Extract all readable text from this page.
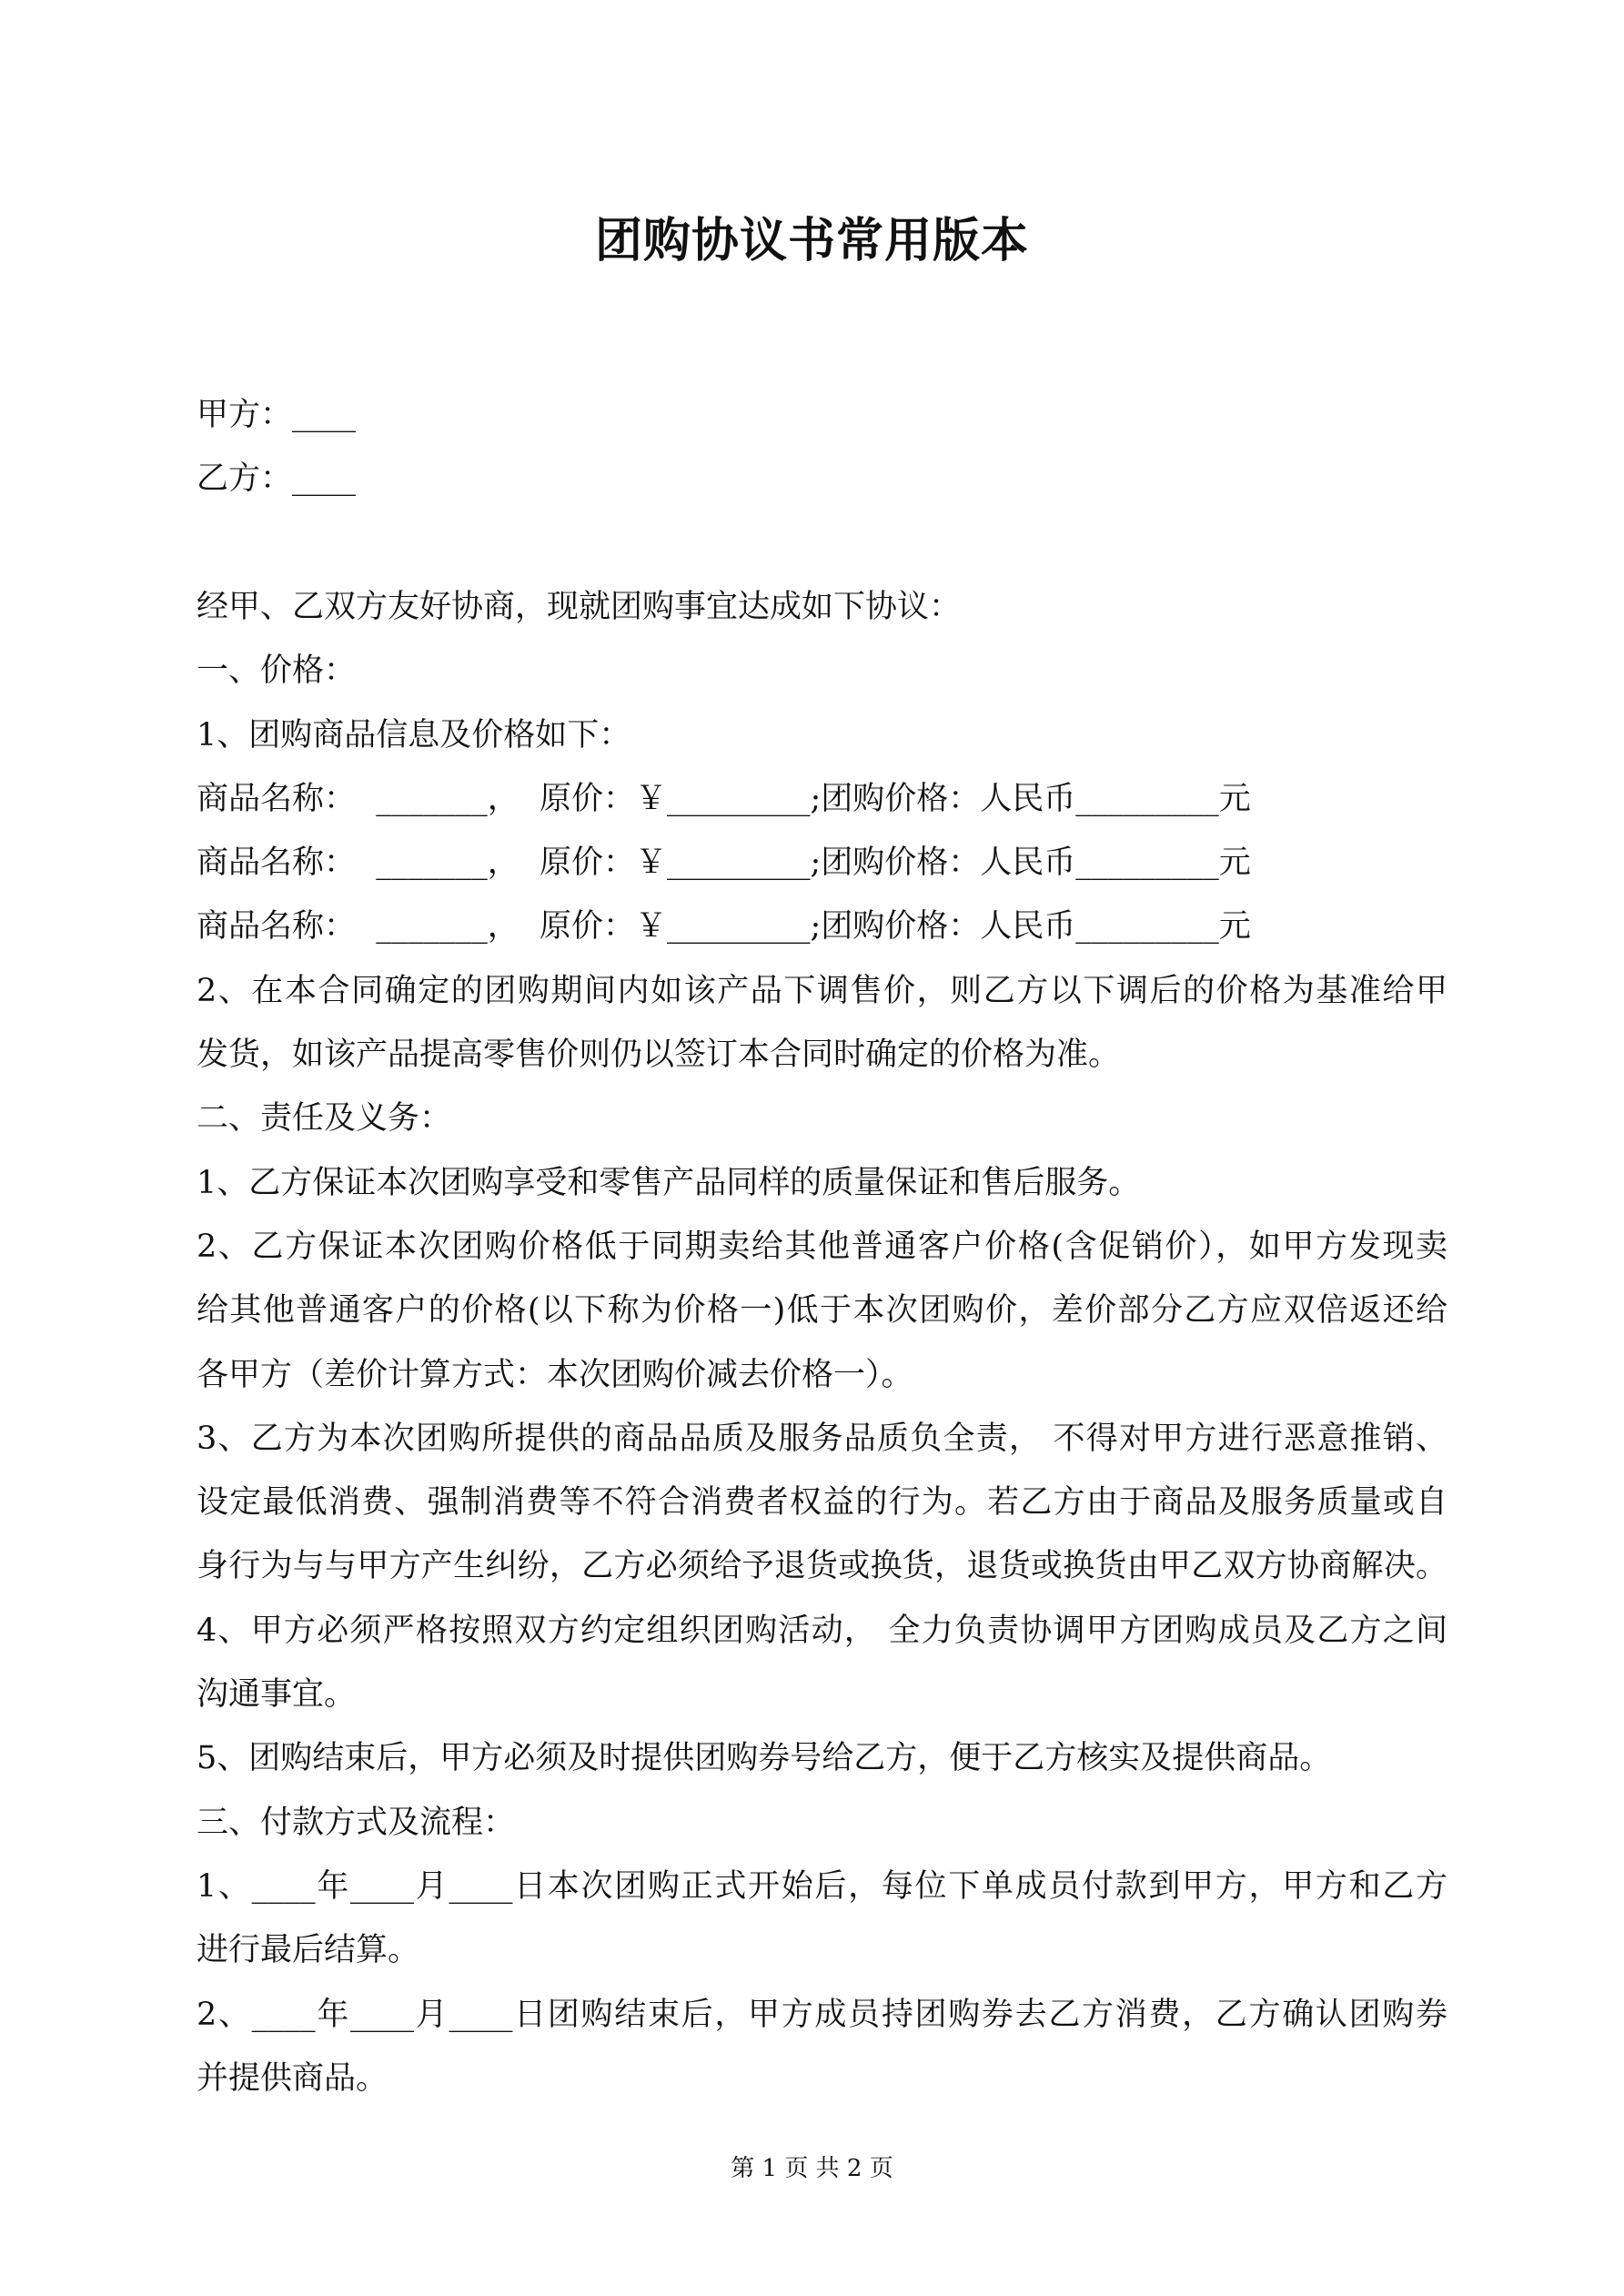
团购协议书常用版本
甲方：____
乙方：____
经甲、乙双方友好协商，现就团购事宜达成如下协议：
一、价格：
1、团购商品信息及价格如下：
商品名称：  _______，  原价：￥_________;团购价格：人民币_________元
商品名称：  _______，  原价：￥_________;团购价格：人民币_________元
商品名称：  _______，  原价：￥_________;团购价格：人民币_________元
2、在本合同确定的团购期间内如该产品下调售价，则乙方以下调后的价格为基准给甲
发货，如该产品提高零售价则仍以签订本合同时确定的价格为准。
二、责任及义务：
1、乙方保证本次团购享受和零售产品同样的质量保证和售后服务。
2、乙方保证本次团购价格低于同期卖给其他普通客户价格(含促销价），如甲方发现卖
给其他普通客户的价格(以下称为价格一)低于本次团购价，差价部分乙方应双倍返还给
各甲方（差价计算方式：本次团购价减去价格一）。
3、乙方为本次团购所提供的商品品质及服务品质负全责， 不得对甲方进行恶意推销、
设定最低消费、强制消费等不符合消费者权益的行为。若乙方由于商品及服务质量或自
身行为与与甲方产生纠纷，乙方必须给予退货或换货，退货或换货由甲乙双方协商解决。
4、甲方必须严格按照双方约定组织团购活动， 全力负责协调甲方团购成员及乙方之间
沟通事宜。
5、团购结束后，甲方必须及时提供团购券号给乙方，便于乙方核实及提供商品。
三、付款方式及流程：
1、____年____月____日本次团购正式开始后，每位下单成员付款到甲方，甲方和乙方
进行最后结算。
2、____年____月____日团购结束后，甲方成员持团购券去乙方消费，乙方确认团购券
并提供商品。
第 1 页 共 2 页
